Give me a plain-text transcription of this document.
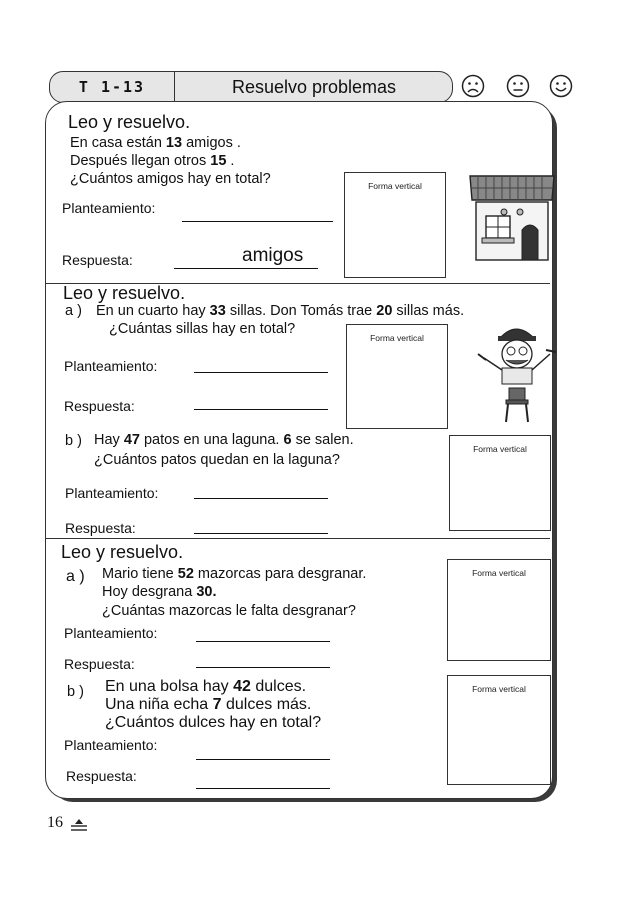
T 1-13	Resuelvo problemas
Leo y resuelvo.
En casa están 13 amigos .
Después llegan otros 15 .
¿Cuántos amigos hay en total?
Planteamiento:
Respuesta:	amigos
Forma vertical
Leo y resuelvo.
a ) En un cuarto hay 33 sillas. Don Tomás trae 20 sillas más.
¿Cuántas sillas hay en total?
Planteamiento:
Respuesta:
Forma vertical
b ) Hay 47 patos en una laguna. 6 se salen.
¿Cuántos patos quedan en la laguna?
Planteamiento:
Respuesta:
Forma vertical
Leo y resuelvo.
a ) Mario tiene 52 mazorcas para desgranar.
Hoy desgrana 30.
¿Cuántas mazorcas le falta desgranar?
Planteamiento:
Respuesta:
Forma vertical
b ) En una bolsa hay 42 dulces.
Una niña echa 7 dulces más.
¿Cuántos dulces hay en total?
Planteamiento:
Respuesta:
Forma vertical
16
